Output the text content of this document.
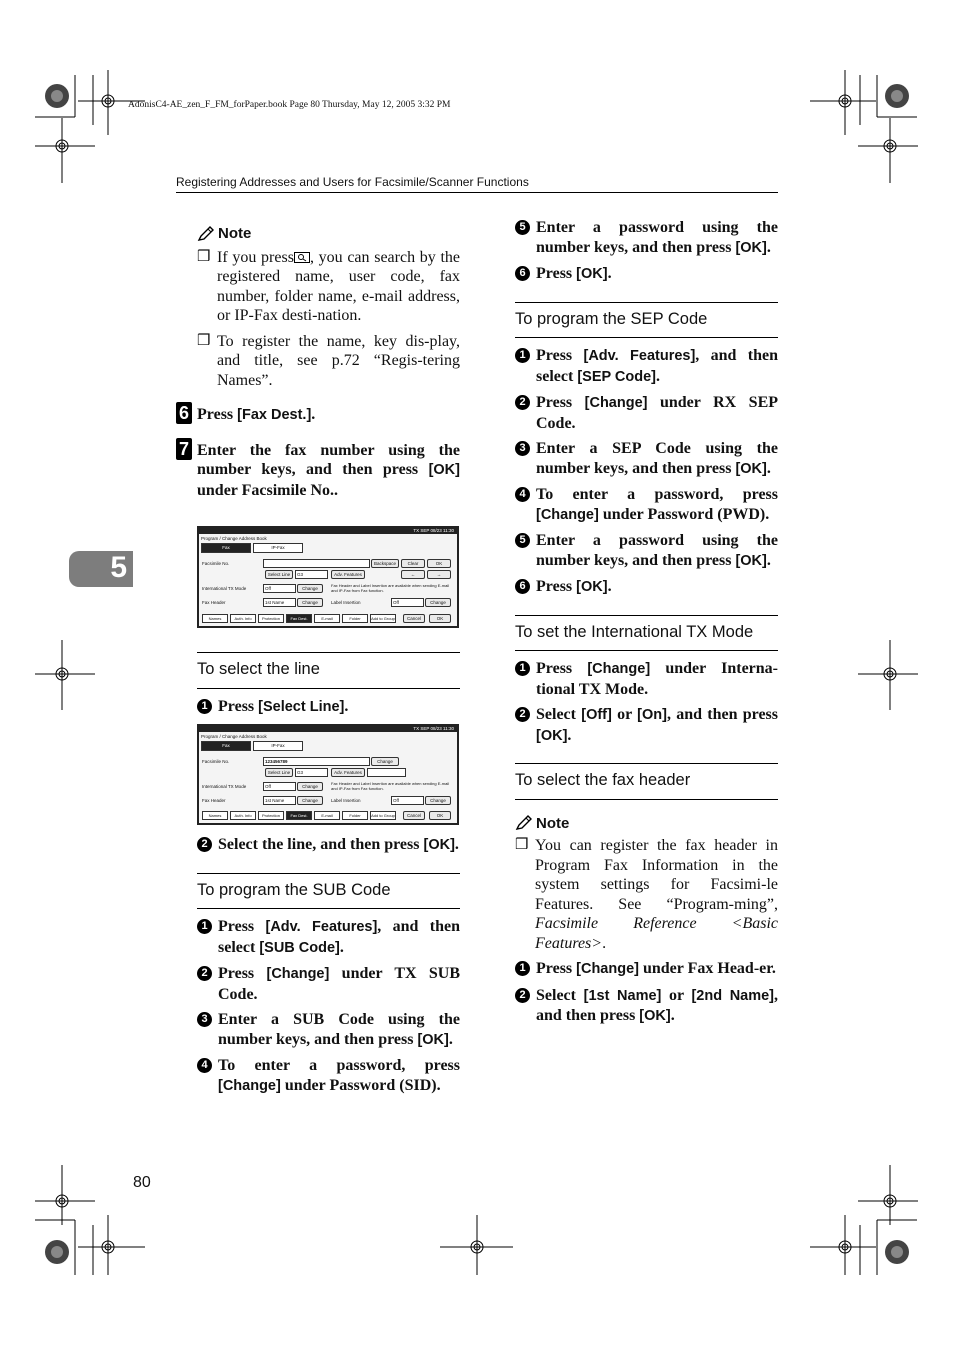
AdonisC4-AE_zen_F_FM_forPaper.book Page 80 Thursday, May 12, 2005 3:32 PM
Registering Addresses and Users for Facsimile/Scanner Functions
5
80
Note
❒ If you press , you can search by the registered name, user code, fax number, folder name, e-mail address, or IP-Fax desti-nation.
❒ To register the name, key dis-play, and title, see p.72 “Regis-tering Names”.
6 Press [Fax Dest.].
7 Enter the fax number using the number keys, and then press [OK] under Facsimile No..
TX SEP 08/23 11:30
Program / Change Address Book
Fax	IP-Fax
Facsimile No.	Backspace	Clear	OK
Select Line	G3	Adv. Features	←	→
International TX Mode	Off	Change
Fax Header and Label Insertion are available when sending E-mail and IP-Fax from Fax function.
Fax Header	1st Name	Change	Label Insertion	Off	Change
Names	Auth. Info	Protection	Fax Dest.	E-mail	Folder	Add to Group	Cancel	OK
To select the line
1 Press [Select Line].
TX SEP 08/23 11:30
Program / Change Address Book
Fax	IP-Fax
Facsimile No.	123456789	Change
Select Line	G3	Adv. Features
International TX Mode	Off	Change
Fax Header and Label Insertion are available when sending E-mail and IP-Fax from Fax function.
Fax Header	1st Name	Change	Label Insertion	Off	Change
Names	Auth. Info	Protection	Fax Dest.	E-mail	Folder	Add to Group	Cancel	OK
2 Select the line, and then press [OK].
To program the SUB Code
1 Press [Adv. Features], and then select [SUB Code].
2 Press [Change] under TX SUB Code.
3 Enter a SUB Code using the number keys, and then press [OK].
4 To enter a password, press [Change] under Password (SID).
5 Enter a password using the number keys, and then press [OK].
6 Press [OK].
To program the SEP Code
1 Press [Adv. Features], and then select [SEP Code].
2 Press [Change] under RX SEP Code.
3 Enter a SEP Code using the number keys, and then press [OK].
4 To enter a password, press [Change] under Password (PWD).
5 Enter a password using the number keys, and then press [OK].
6 Press [OK].
To set the International TX Mode
1 Press [Change] under Interna-tional TX Mode.
2 Select [Off] or [On], and then press [OK].
To select the fax header
Note
❒ You can register the fax header in Program Fax Information in the system settings for Facsimi-le Features. See “Program-ming”, Facsimile Reference <Basic Features>.
1 Press [Change] under Fax Head-er.
2 Select [1st Name] or [2nd Name], and then press [OK].
